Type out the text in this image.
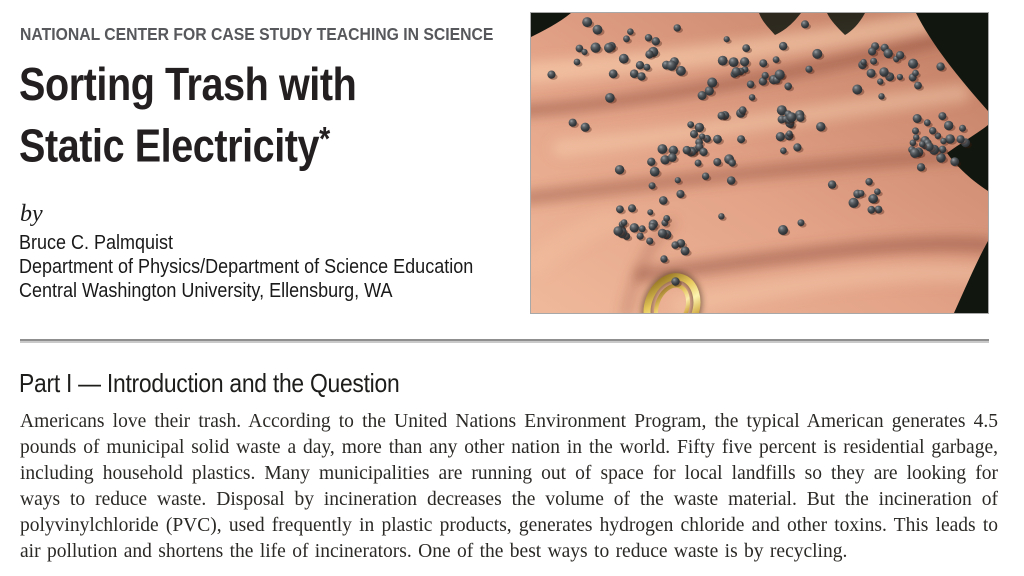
NATIONAL CENTER FOR CASE STUDY TEACHING IN SCIENCE
Sorting Trash with
Static Electricity*
by
Bruce C. Palmquist
Department of Physics/Department of Science Education
Central Washington University, Ellensburg, WA
Part I — Introduction and the Question
Americans love their trash. According to the United Nations Environment Program, the typical American generates 4.5 pounds of municipal solid waste a day, more than any other nation in the world. Fifty five percent is residential garbage, including household plastics. Many municipalities are running out of space for local landfills so they are looking for ways to reduce waste. Disposal by incineration decreases the volume of the waste material. But the incineration of polyvinylchloride (PVC), used frequently in plastic products, generates hydrogen chloride and other toxins. This leads to air pollution and shortens the life of incinerators. One of the best ways to reduce waste is by recycling.
